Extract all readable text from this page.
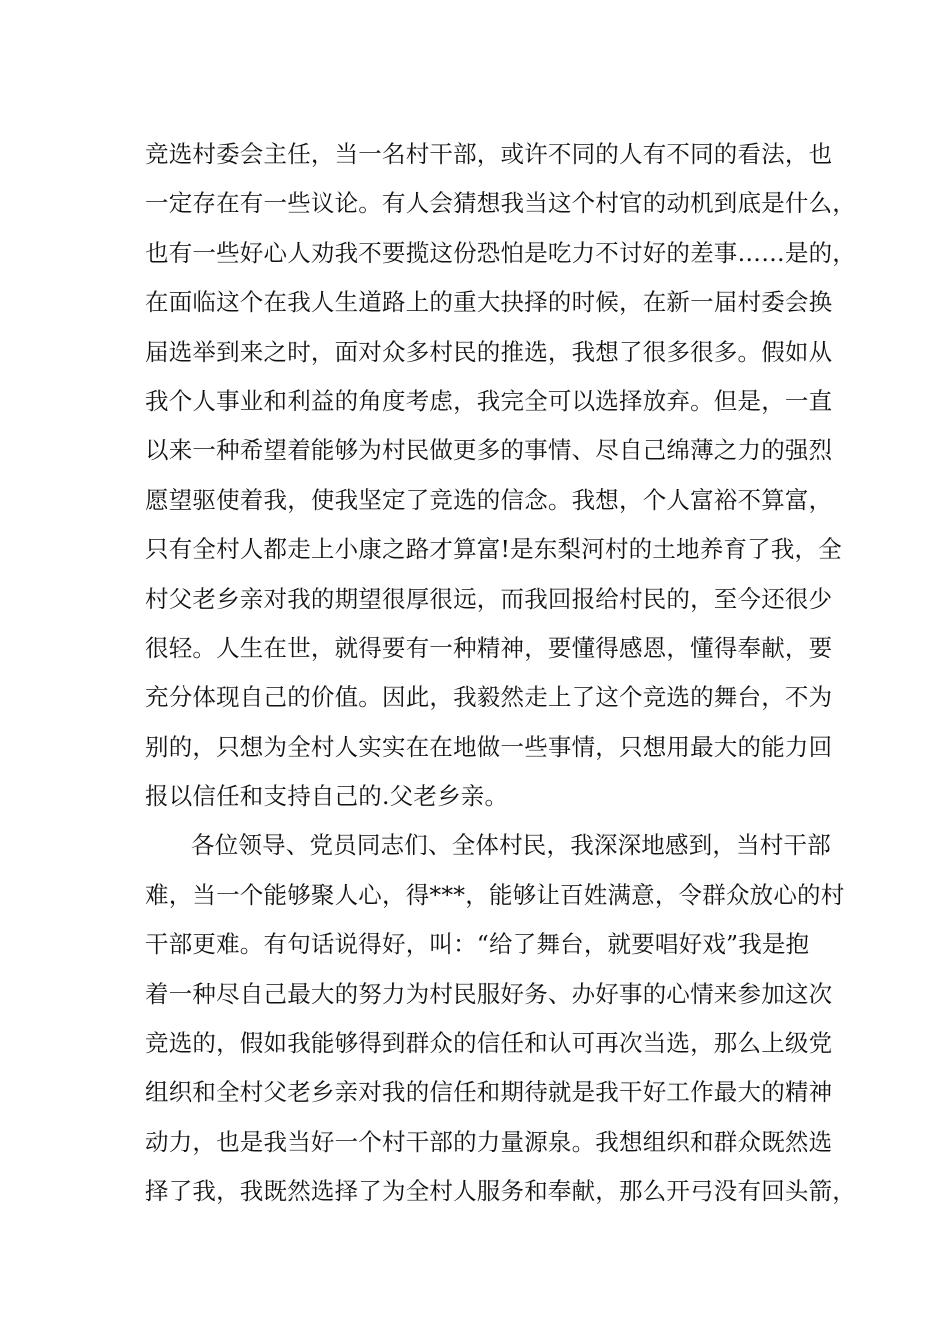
竞选村委会主任，当一名村干部，或许不同的人有不同的看法，也
一定存在有一些议论。有人会猜想我当这个村官的动机到底是什么，
也有一些好心人劝我不要揽这份恐怕是吃力不讨好的差事……是的，
在面临这个在我人生道路上的重大抉择的时候，在新一届村委会换
届选举到来之时，面对众多村民的推选，我想了很多很多。假如从
我个人事业和利益的角度考虑，我完全可以选择放弃。但是，一直
以来一种希望着能够为村民做更多的事情、尽自己绵薄之力的强烈
愿望驱使着我，使我坚定了竞选的信念。我想，个人富裕不算富，
只有全村人都走上小康之路才算富!是东梨河村的土地养育了我，全
村父老乡亲对我的期望很厚很远，而我回报给村民的，至今还很少
很轻。人生在世，就得要有一种精神，要懂得感恩，懂得奉献，要
充分体现自己的价值。因此，我毅然走上了这个竞选的舞台，不为
别的，只想为全村人实实在在地做一些事情，只想用最大的能力回
报以信任和支持自己的.父老乡亲。
各位领导、党员同志们、全体村民，我深深地感到，当村干部
难，当一个能够聚人心，得***，能够让百姓满意，令群众放心的村
干部更难。有句话说得好，叫：“给了舞台，就要唱好戏”我是抱
着一种尽自己最大的努力为村民服好务、办好事的心情来参加这次
竞选的，假如我能够得到群众的信任和认可再次当选，那么上级党
组织和全村父老乡亲对我的信任和期待就是我干好工作最大的精神
动力，也是我当好一个村干部的力量源泉。我想组织和群众既然选
择了我，我既然选择了为全村人服务和奉献，那么开弓没有回头箭，
